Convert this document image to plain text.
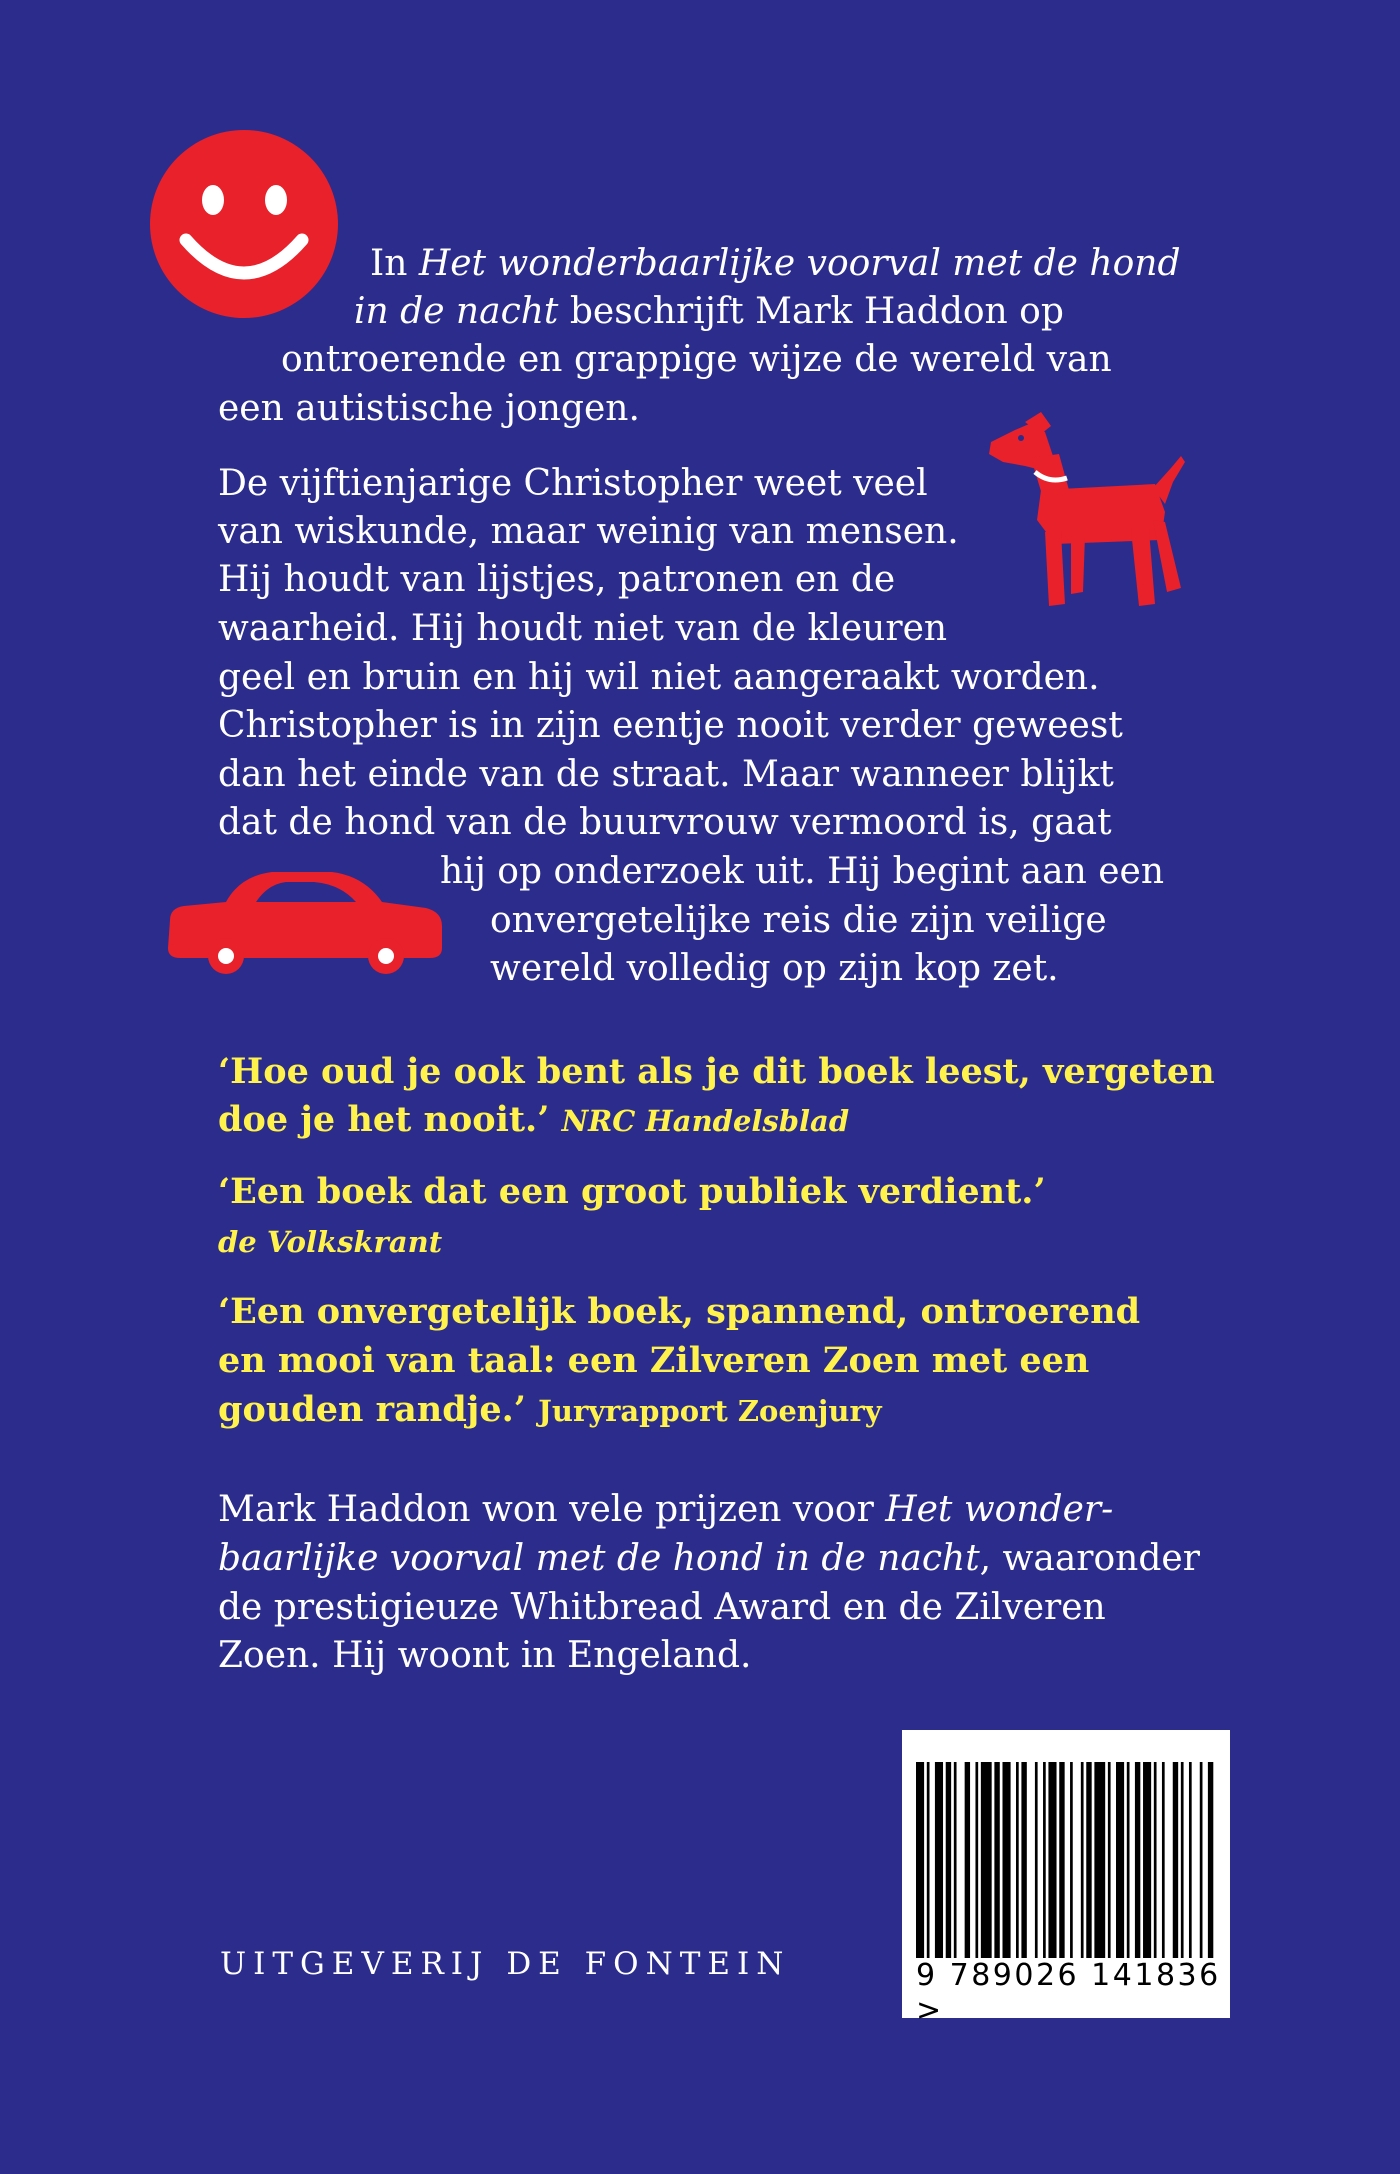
In Het wonderbaarlijke voorval met de hond
in de nacht beschrijft Mark Haddon op
ontroerende en grappige wijze de wereld van
een autistische jongen.
De vijftienjarige Christopher weet veel
van wiskunde, maar weinig van mensen.
Hij houdt van lijstjes, patronen en de
waarheid. Hij houdt niet van de kleuren
geel en bruin en hij wil niet aangeraakt worden.
Christopher is in zijn eentje nooit verder geweest
dan het einde van de straat. Maar wanneer blijkt
dat de hond van de buurvrouw vermoord is, gaat
hij op onderzoek uit. Hij begint aan een
onvergetelijke reis die zijn veilige
wereld volledig op zijn kop zet.
‘Hoe oud je ook bent als je dit boek leest, vergeten
doe je het nooit.’ NRC Handelsblad
‘Een boek dat een groot publiek verdient.’
de Volkskrant
‘Een onvergetelijk boek, spannend, ontroerend
en mooi van taal: een Zilveren Zoen met een
gouden randje.’ Juryrapport Zoenjury
Mark Haddon won vele prijzen voor Het wonder-
baarlijke voorval met de hond in de nacht, waaronder
de prestigieuze Whitbread Award en de Zilveren
Zoen. Hij woont in Engeland.
UITGEVERIJ DE FONTEIN	9 789026 141836 >
